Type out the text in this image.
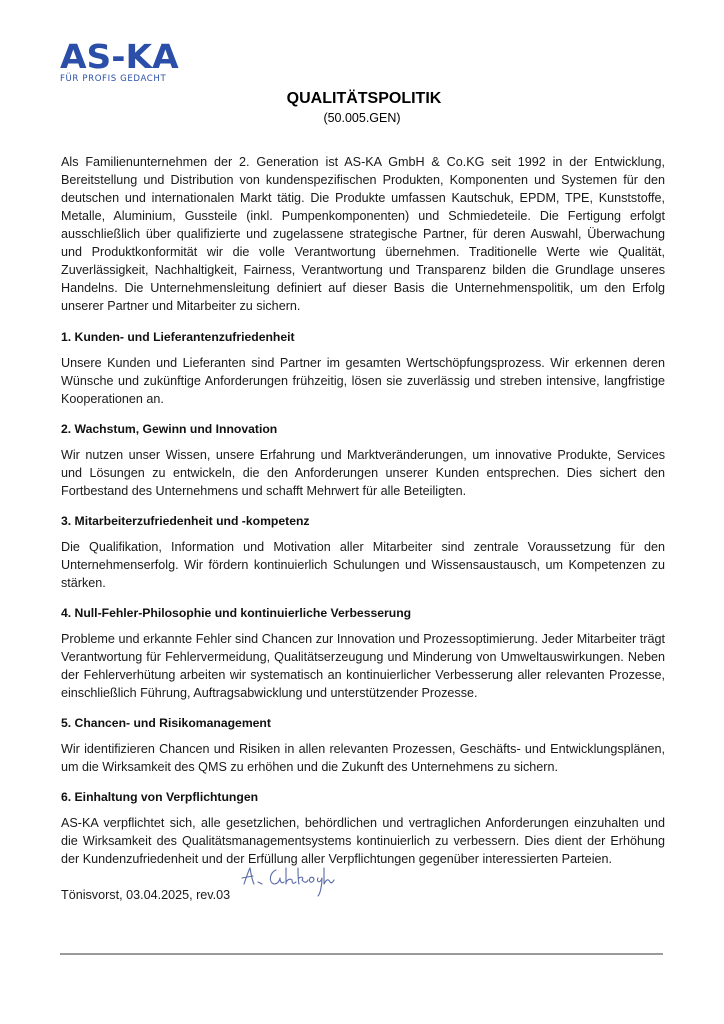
AS-KA
FÜR PROFIS GEDACHT
QUALITÄTSPOLITIK
(50.005.GEN)

Als Familienunternehmen der 2. Generation ist AS-KA GmbH & Co.KG seit 1992 in der Entwicklung, Bereitstellung und Distribution von kundenspezifischen Produkten, Komponenten und Systemen für den deutschen und internationalen Markt tätig. Die Produkte umfassen Kautschuk, EPDM, TPE, Kunststoffe, Metalle, Aluminium, Gussteile (inkl. Pumpenkomponenten) und Schmiedeteile. Die Fertigung erfolgt ausschließlich über qualifizierte und zugelassene strategische Partner, für deren Auswahl, Überwachung und Produktkonformität wir die volle Verantwortung übernehmen. Traditionelle Werte wie Qualität, Zuverlässigkeit, Nachhaltigkeit, Fairness, Verantwortung und Transparenz bilden die Grundlage unseres Handelns. Die Unternehmensleitung definiert auf dieser Basis die Unternehmenspolitik, um den Erfolg unserer Partner und Mitarbeiter zu sichern.

1. Kunden- und Lieferantenzufriedenheit

Unsere Kunden und Lieferanten sind Partner im gesamten Wertschöpfungsprozess. Wir erkennen deren Wünsche und zukünftige Anforderungen frühzeitig, lösen sie zuverlässig und streben intensive, langfristige Kooperationen an.

2. Wachstum, Gewinn und Innovation

Wir nutzen unser Wissen, unsere Erfahrung und Marktveränderungen, um innovative Produkte, Services und Lösungen zu entwickeln, die den Anforderungen unserer Kunden entsprechen. Dies sichert den Fortbestand des Unternehmens und schafft Mehrwert für alle Beteiligten.

3. Mitarbeiterzufriedenheit und -kompetenz

Die Qualifikation, Information und Motivation aller Mitarbeiter sind zentrale Voraussetzung für den Unternehmenserfolg. Wir fördern kontinuierlich Schulungen und Wissensaustausch, um Kompetenzen zu stärken.

4. Null-Fehler-Philosophie und kontinuierliche Verbesserung

Probleme und erkannte Fehler sind Chancen zur Innovation und Prozessoptimierung. Jeder Mitarbeiter trägt Verantwortung für Fehlervermeidung, Qualitätserzeugung und Minderung von Umweltauswirkungen. Neben der Fehlerverhütung arbeiten wir systematisch an kontinuierlicher Verbesserung aller relevanten Prozesse, einschließlich Führung, Auftragsabwicklung und unterstützender Prozesse.

5. Chancen- und Risikomanagement

Wir identifizieren Chancen und Risiken in allen relevanten Prozessen, Geschäfts- und Entwicklungsplänen, um die Wirksamkeit des QMS zu erhöhen und die Zukunft des Unternehmens zu sichern.

6. Einhaltung von Verpflichtungen

AS-KA verpflichtet sich, alle gesetzlichen, behördlichen und vertraglichen Anforderungen einzuhalten und die Wirksamkeit des Qualitätsmanagementsystems kontinuierlich zu verbessern. Dies dient der Erhöhung der Kundenzufriedenheit und der Erfüllung aller Verpflichtungen gegenüber interessierten Parteien.

Tönisvorst, 03.04.2025, rev.03
